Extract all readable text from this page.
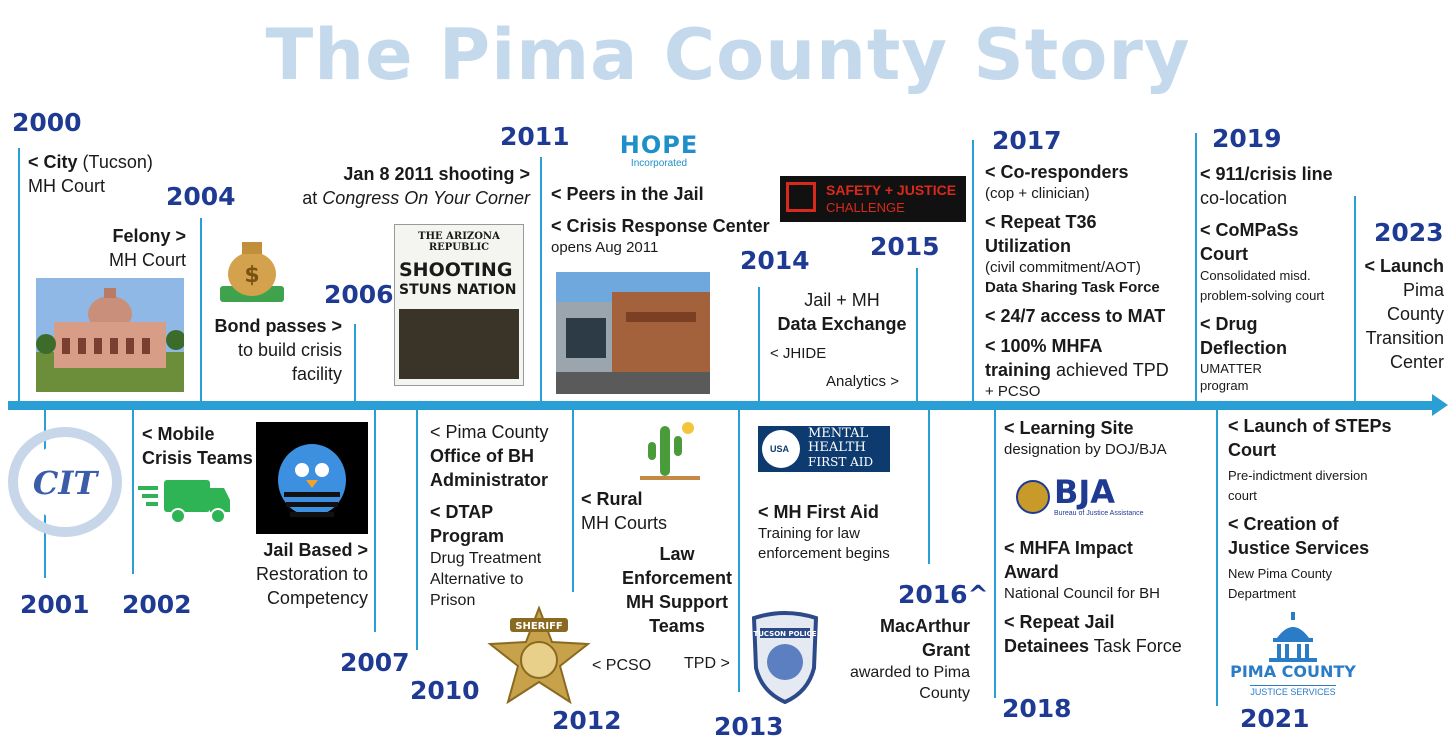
The Pima County Story
2000
2004
2006
2011
2014 2015
2017	2019
2023
2001 2002
2007
2010
2012	2013
2016^
2018	2021
< City (Tucson)
MH Court
Felony >
MH Court
Bond passes >
to build crisis
facility
Jan 8 2011 shooting >
at Congress On Your Corner < Peers in the Jail
< Crisis Response Center
opens Aug 2011
Jail + MH
Data Exchange
< JHIDE
Analytics >
< Co-responders
(cop + clinician)
< Repeat T36
Utilization
(civil commitment/AOT)
Data Sharing Task Force
< 24/7 access to MAT
< 100% MHFA
training achieved TPD
+ PCSO
< 911/crisis line
co-location
< CoMPaSs
Court
Consolidated misd.
problem-solving court
< Drug
Deflection
UMATTER
program
< Launch
Pima
County
Transition
Center
< Mobile
Crisis Teams
Jail Based >
Restoration to
Competency
< Pima County
Office of BH
Administrator
< DTAP
Program
Drug Treatment
Alternative to
Prison
< Rural
MH Courts
< PCSO
Law
Enforcement
MH Support
Teams
TPD >
< MH First Aid
Training for law
enforcement begins
MacArthur
Grant
awarded to Pima
County
< Learning Site
designation by DOJ/BJA
< MHFA Impact
Award
National Council for BH
< Repeat Jail
Detainees Task Force
< Launch of STEPs
Court
Pre-indictment diversion
court
< Creation of
Justice Services
New Pima County
Department
$
THE ARIZONA REPUBLIC
SHOOTING
STUNS NATION
HOPE
Incorporated
SAFETY + JUSTICE
CHALLENGE
CIT
USA
MENTAL
HEALTH
FIRST AID
SHERIFF
TUCSON POLICE
BJA
Bureau of Justice Assistance
PIMA COUNTY
JUSTICE SERVICES
